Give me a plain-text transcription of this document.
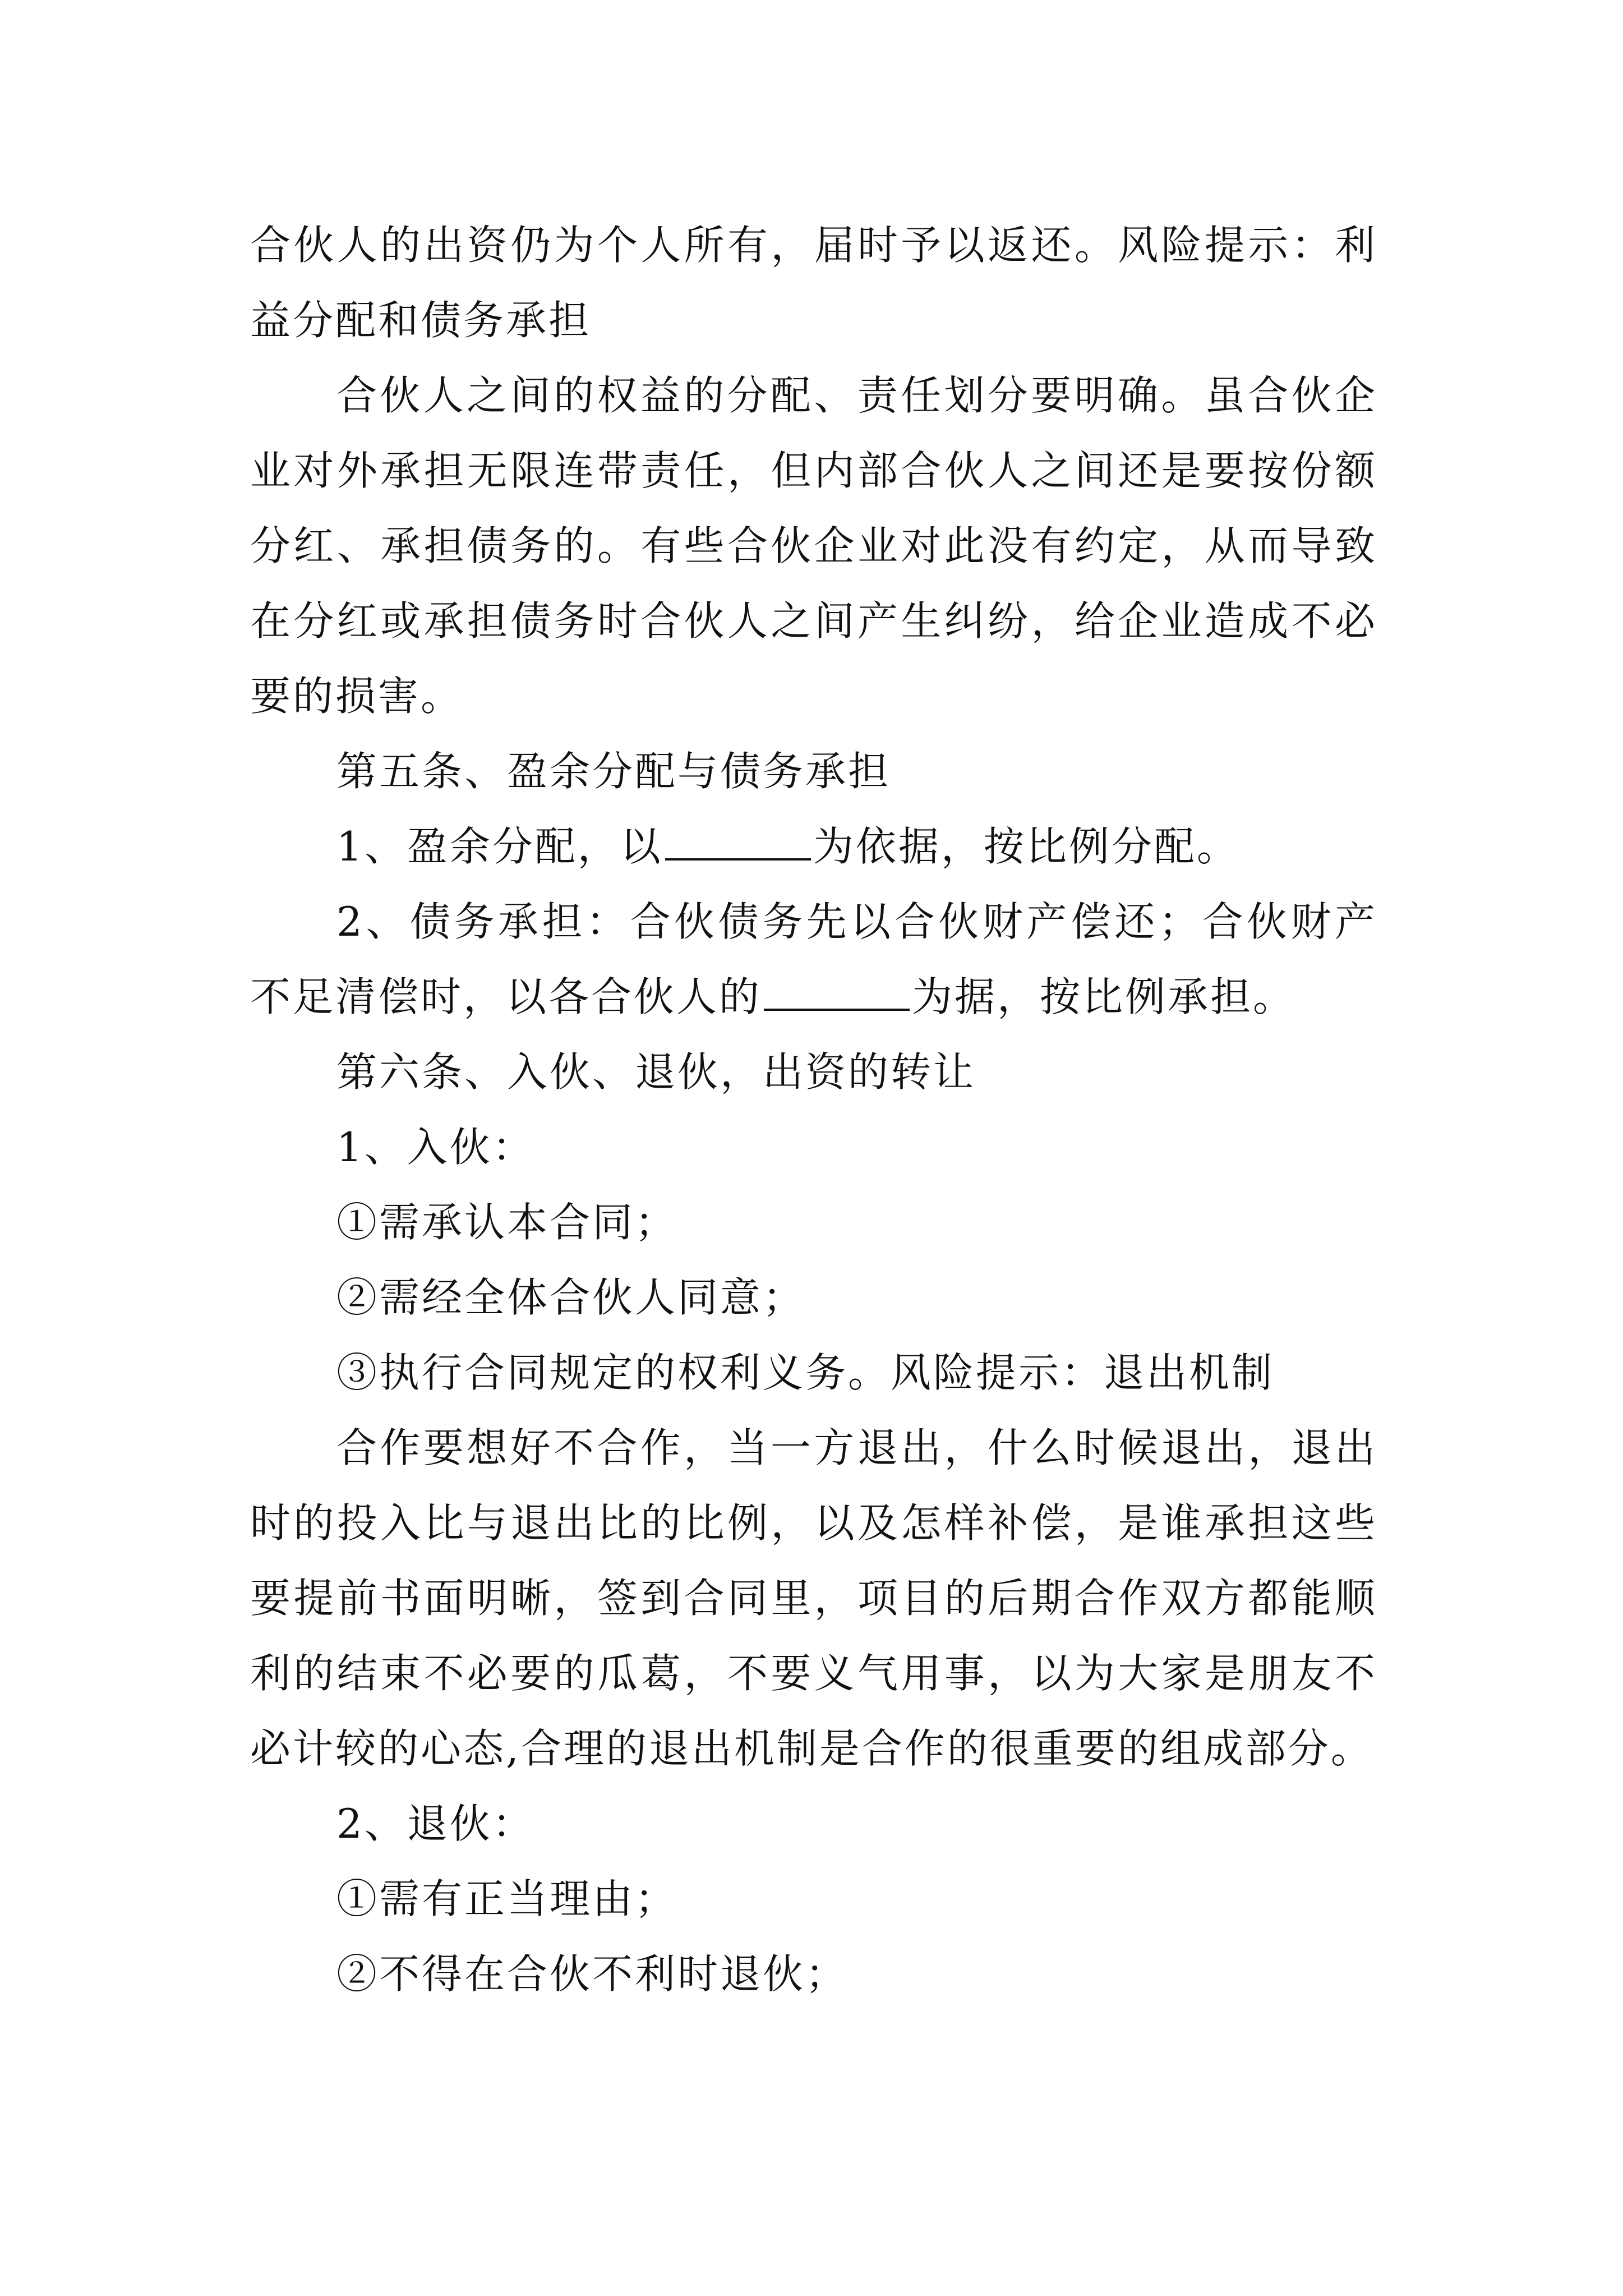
合伙人的出资仍为个人所有，届时予以返还。风险提示：利益分配和债务承担

合伙人之间的权益的分配、责任划分要明确。虽合伙企业对外承担无限连带责任，但内部合伙人之间还是要按份额分红、承担债务的。有些合伙企业对此没有约定，从而导致在分红或承担债务时合伙人之间产生纠纷，给企业造成不必要的损害。

第五条、盈余分配与债务承担

1、盈余分配，以	为依据，按比例分配。

2、债务承担：合伙债务先以合伙财产偿还；合伙财产不足清偿时，以各合伙人的	为据，按比例承担。

第六条、入伙、退伙，出资的转让

1、入伙：

①需承认本合同；

②需经全体合伙人同意；

③执行合同规定的权利义务。风险提示：退出机制

合作要想好不合作，当一方退出，什么时候退出，退出时的投入比与退出比的比例，以及怎样补偿，是谁承担这些要提前书面明晰，签到合同里，项目的后期合作双方都能顺利的结束不必要的瓜葛，不要义气用事，以为大家是朋友不必计较的心态,合理的退出机制是合作的很重要的组成部分。

2、退伙：

①需有正当理由；

②不得在合伙不利时退伙；
